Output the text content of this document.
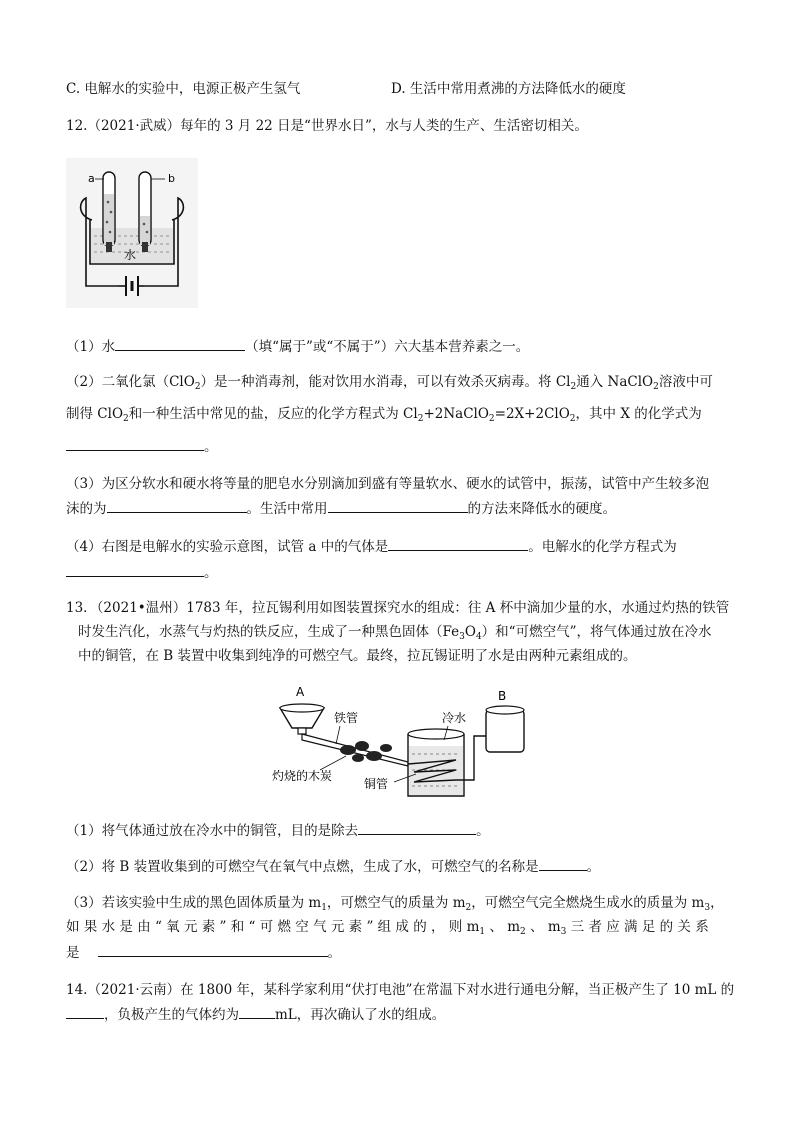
C. 电解水的实验中，电源正极产生氢气	D. 生活中常用煮沸的方法降低水的硬度
12.（2021·武威）每年的 3 月 22 日是“世界水日”，水与人类的生产、生活密切相关。
a	b
水
（1）水	（填“属于”或“不属于”）六大基本营养素之一。
（2）二氧化氯（ClO$_2$）是一种消毒剂，能对饮用水消毒，可以有效杀灭病毒。将 $Cl_2$通入 NaClO$_2$溶液中可
制得 ClO$_2$和一种生活中常见的盐，反应的化学方程式为 $Cl_2+2NaClO_2=2X+2ClO_2$，其中 X 的化学式为
。
（3）为区分软水和硬水将等量的肥皂水分别滴加到盛有等量软水、硬水的试管中，振荡，试管中产生较多泡
沫的为	。生活中常用	的方法来降低水的硬度。
（4）右图是电解水的实验示意图，试管 a 中的气体是	。电解水的化学方程式为
。
13．（2021•温州）1783 年，拉瓦锡利用如图装置探究水的组成：往 A 杯中滴加少量的水，水通过灼热的铁管
时发生汽化，水蒸气与灼热的铁反应，生成了一种黑色固体$(Fe_3O_4)$和“可燃空气”，将气体通过放在冷水
中的铜管，在 B 装置中收集到纯净的可燃空气。最终，拉瓦锡证明了水是由两种元素组成的。
A
铁管
灼烧的木炭
冷水
铜管
B
（1）将气体通过放在冷水中的铜管，目的是除去	。
（2）将 B 装置收集到的可燃空气在氧气中点燃，生成了水，可燃空气的名称是	。
（3）若该实验中生成的黑色固体质量为 $m_1$，可燃空气的质量为 $m_2$，可燃空气完全燃烧生成水的质量为 $m_3$，
如 果 水 是 由 “ 氧 元 素 ” 和 “ 可 燃 空 气 元 素 ” 组 成 的 ， 则 $m_1$ 、 $m_2$ 、 $m_3$ 三 者 应 满 足 的 关 系
是	。
14.（2021·云南）在 1800 年，某科学家利用“伏打电池”在常温下对水进行通电分解，当正极产生了 10 mL 的
，负极产生的气体约为	mL，再次确认了水的组成。
